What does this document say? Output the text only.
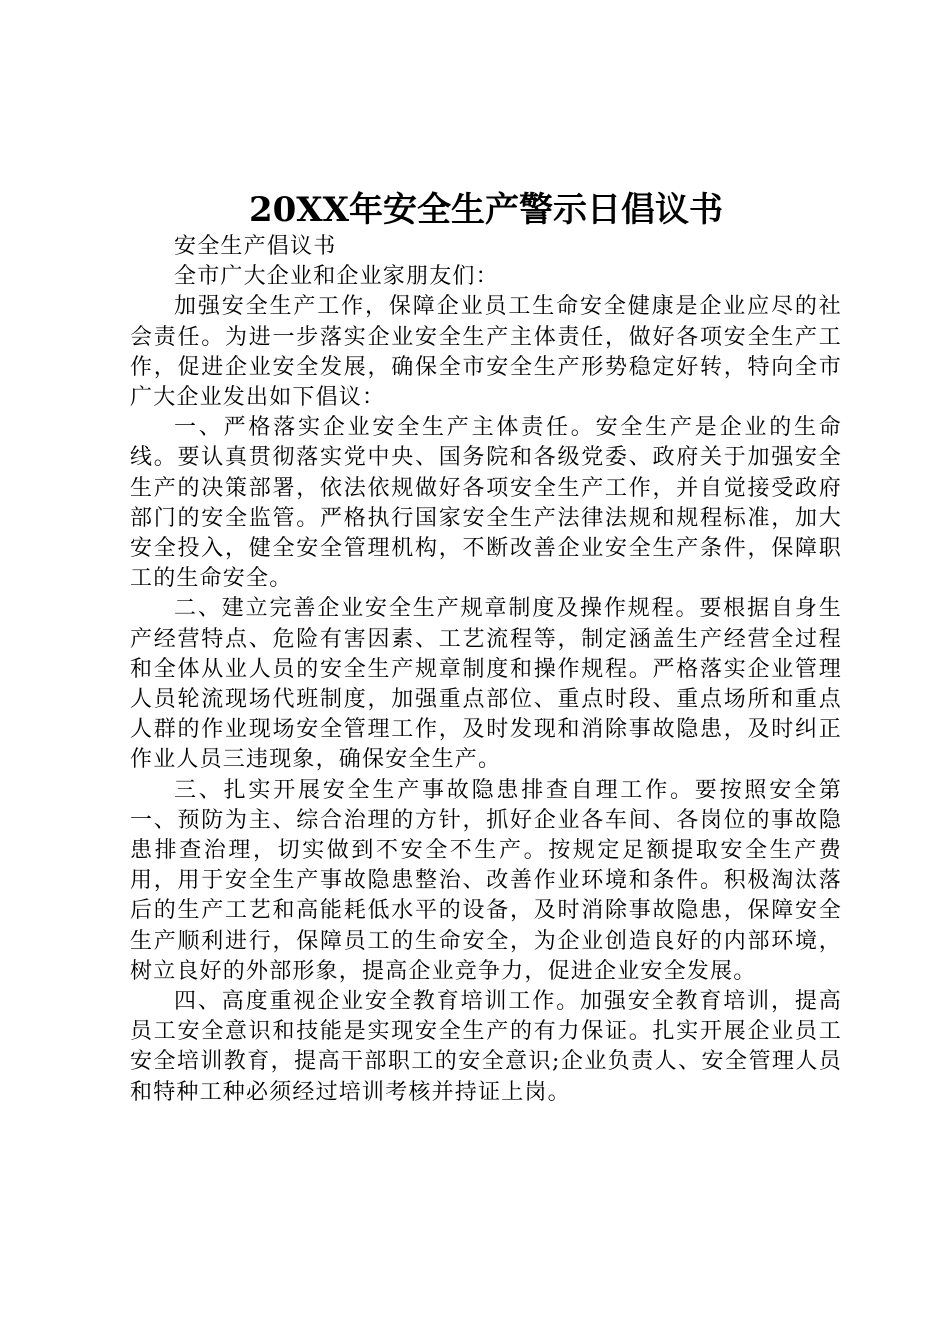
20XX年安全生产警示日倡议书

安全生产倡议书

全市广大企业和企业家朋友们：

加强安全生产工作，保障企业员工生命安全健康是企业应尽的社会责任。为进一步落实企业安全生产主体责任，做好各项安全生产工作，促进企业安全发展，确保全市安全生产形势稳定好转，特向全市广大企业发出如下倡议：

一、严格落实企业安全生产主体责任。安全生产是企业的生命线。要认真贯彻落实党中央、国务院和各级党委、政府关于加强安全生产的决策部署，依法依规做好各项安全生产工作，并自觉接受政府部门的安全监管。严格执行国家安全生产法律法规和规程标准，加大安全投入，健全安全管理机构，不断改善企业安全生产条件，保障职工的生命安全。

二、建立完善企业安全生产规章制度及操作规程。要根据自身生产经营特点、危险有害因素、工艺流程等，制定涵盖生产经营全过程和全体从业人员的安全生产规章制度和操作规程。严格落实企业管理人员轮流现场代班制度，加强重点部位、重点时段、重点场所和重点人群的作业现场安全管理工作，及时发现和消除事故隐患，及时纠正作业人员三违现象，确保安全生产。

三、扎实开展安全生产事故隐患排查自理工作。要按照安全第一、预防为主、综合治理的方针，抓好企业各车间、各岗位的事故隐患排查治理，切实做到不安全不生产。按规定足额提取安全生产费用，用于安全生产事故隐患整治、改善作业环境和条件。积极淘汰落后的生产工艺和高能耗低水平的设备，及时消除事故隐患，保障安全生产顺利进行，保障员工的生命安全，为企业创造良好的内部环境，树立良好的外部形象，提高企业竞争力，促进企业安全发展。

四、高度重视企业安全教育培训工作。加强安全教育培训，提高员工安全意识和技能是实现安全生产的有力保证。扎实开展企业员工安全培训教育，提高干部职工的安全意识;企业负责人、安全管理人员和特种工种必须经过培训考核并持证上岗。
